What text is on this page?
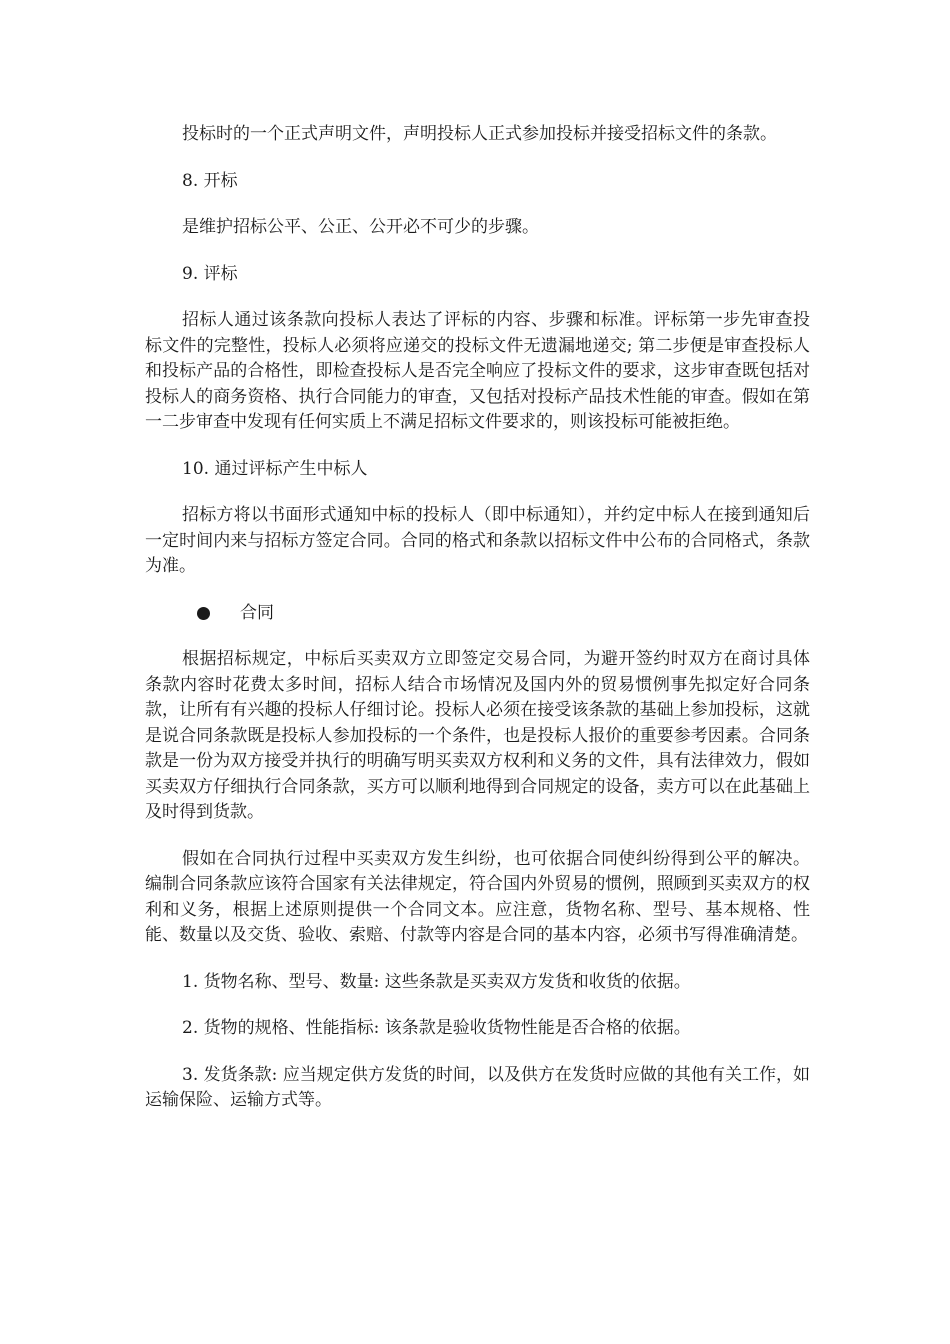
投标时的一个正式声明文件，声明投标人正式参加投标并接受招标文件的条款。

8. 开标

是维护招标公平、公正、公开必不可少的步骤。

9. 评标

招标人通过该条款向投标人表达了评标的内容、步骤和标准。评标第一步先审查投标文件的完整性，投标人必须将应递交的投标文件无遗漏地递交; 第二步便是审查投标人和投标产品的合格性，即检查投标人是否完全响应了投标文件的要求，这步审查既包括对投标人的商务资格、执行合同能力的审查，又包括对投标产品技术性能的审查。假如在第一二步审查中发现有任何实质上不满足招标文件要求的，则该投标可能被拒绝。

10. 通过评标产生中标人

招标方将以书面形式通知中标的投标人（即中标通知），并约定中标人在接到通知后一定时间内来与招标方签定合同。合同的格式和条款以招标文件中公布的合同格式，条款为准。

合同

根据招标规定，中标后买卖双方立即签定交易合同，为避开签约时双方在商讨具体条款内容时花费太多时间，招标人结合市场情况及国内外的贸易惯例事先拟定好合同条款，让所有有兴趣的投标人仔细讨论。投标人必须在接受该条款的基础上参加投标，这就是说合同条款既是投标人参加投标的一个条件，也是投标人报价的重要参考因素。合同条款是一份为双方接受并执行的明确写明买卖双方权利和义务的文件，具有法律效力，假如买卖双方仔细执行合同条款，买方可以顺利地得到合同规定的设备，卖方可以在此基础上及时得到货款。

假如在合同执行过程中买卖双方发生纠纷，也可依据合同使纠纷得到公平的解决。编制合同条款应该符合国家有关法律规定，符合国内外贸易的惯例，照顾到买卖双方的权利和义务，根据上述原则提供一个合同文本。应注意，货物名称、型号、基本规格、性能、数量以及交货、验收、索赔、付款等内容是合同的基本内容，必须书写得准确清楚。

1. 货物名称、型号、数量: 这些条款是买卖双方发货和收货的依据。

2. 货物的规格、性能指标: 该条款是验收货物性能是否合格的依据。

3. 发货条款: 应当规定供方发货的时间，以及供方在发货时应做的其他有关工作，如运输保险、运输方式等。
